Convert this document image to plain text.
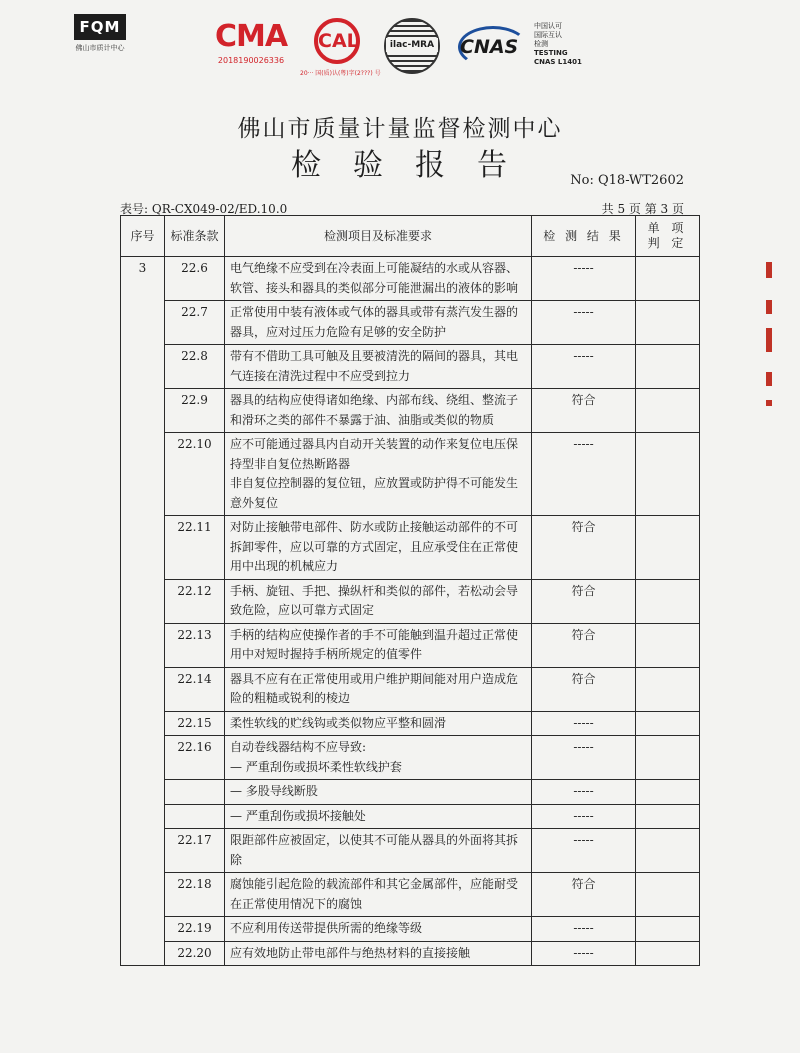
FQM
佛山市质计中心	CMA
2018190026336
CAL
20··· 国(质)认(粤)字(2???) 号
ilac-MRA CNAS
中国认可
国际互认
检测
TESTING
CNAS L1401
佛山市质量计量监督检测中心
检验报告	No: Q18-WT2602
表号: QR-CX049-02/ED.10.0	共 5 页 第 3 页
序号	标准条款	检测项目及标准要求	检 测 结 果	单 项 判 定
3	22.6	电气绝缘不应受到在冷表面上可能凝结的水或从容器、软管、接头和器具的类似部分可能泄漏出的液体的影响	-----	
	22.7	正常使用中装有液体或气体的器具或带有蒸汽发生器的器具，应对过压力危险有足够的安全防护	-----	
	22.8	带有不借助工具可触及且要被清洗的隔间的器具，其电气连接在清洗过程中不应受到拉力	-----	
	22.9	器具的结构应使得诸如绝缘、内部布线、绕组、整流子和滑环之类的部件不暴露于油、油脂或类似的物质	符合	
	22.10	应不可能通过器具内自动开关装置的动作来复位电压保持型非自复位热断路器
非自复位控制器的复位钮，应放置或防护得不可能发生意外复位	-----	
	22.11	对防止接触带电部件、防水或防止接触运动部件的不可拆卸零件，应以可靠的方式固定，且应承受住在正常使用中出现的机械应力	符合	
	22.12	手柄、旋钮、手把、操纵杆和类似的部件，若松动会导致危险，应以可靠方式固定	符合	
	22.13	手柄的结构应使操作者的手不可能触到温升超过正常使用中对短时握持手柄所规定的值零件	符合	
	22.14	器具不应有在正常使用或用户维护期间能对用户造成危险的粗糙或锐利的棱边	符合	
	22.15	柔性软线的贮线钩或类似物应平整和圆滑	-----	
	22.16	自动卷线器结构不应导致:
— 严重刮伤或损坏柔性软线护套	-----	
		— 多股导线断股	-----	
		— 严重刮伤或损坏接触处	-----	
	22.17	限距部件应被固定，以使其不可能从器具的外面将其拆除	-----	
	22.18	腐蚀能引起危险的载流部件和其它金属部件，应能耐受在正常使用情况下的腐蚀	符合	
	22.19	不应利用传送带提供所需的绝缘等级	-----	
	22.20	应有效地防止带电部件与绝热材料的直接接触	-----	
